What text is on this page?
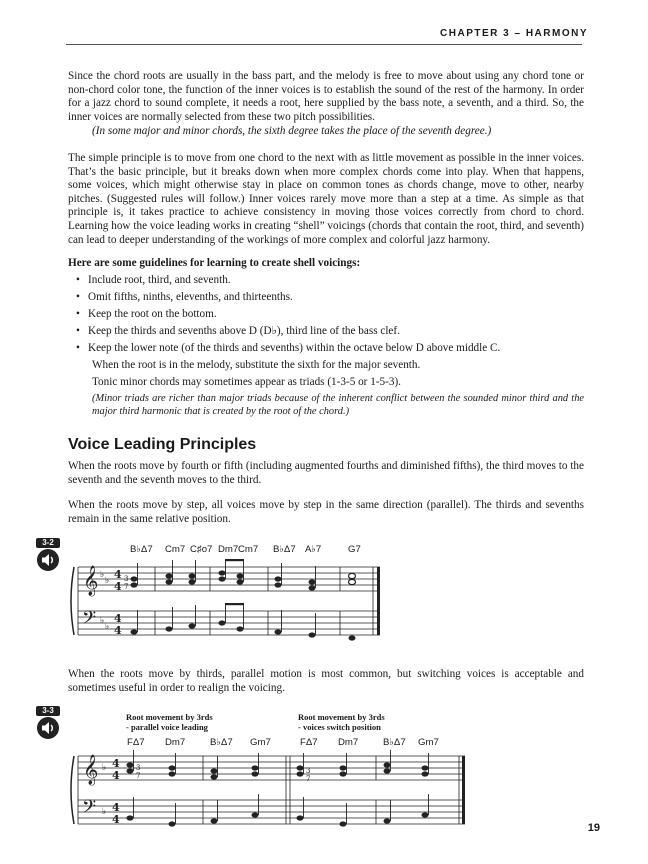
CHAPTER 3 – HARMONY
Since the chord roots are usually in the bass part, and the melody is free to move about using any chord tone or non-chord color tone, the function of the inner voices is to establish the sound of the rest of the harmony. In order for a jazz chord to sound complete, it needs a root, here supplied by the bass note, a seventh, and a third. So, the inner voices are normally selected from these two pitch possibilities.
(In some major and minor chords, the sixth degree takes the place of the seventh degree.)
The simple principle is to move from one chord to the next with as little movement as possible in the inner voices. That’s the basic principle, but it breaks down when more complex chords come into play. When that happens, some voices, which might otherwise stay in place on common tones as chords change, move to other, nearby pitches. (Suggested rules will follow.) Inner voices rarely move more than a step at a time. As simple as that principle is, it takes practice to achieve consistency in moving those voices correctly from chord to chord. Learning how the voice leading works in creating “shell” voicings (chords that contain the root, third, and seventh) can lead to deeper understanding of the workings of more complex and colorful jazz harmony.
Here are some guidelines for learning to create shell voicings:
• Include root, third, and seventh.
• Omit fifths, ninths, elevenths, and thirteenths.
• Keep the root on the bottom.
• Keep the thirds and sevenths above D (D♭), third line of the bass clef.
• Keep the lower note (of the thirds and sevenths) within the octave below D above middle C.
When the root is in the melody, substitute the sixth for the major seventh.
Tonic minor chords may sometimes appear as triads (1-3-5 or 1-5-3).
(Minor triads are richer than major triads because of the inherent conflict between the sounded minor third and the major third harmonic that is created by the root of the chord.)
Voice Leading Principles
When the roots move by fourth or fifth (including augmented fourths and diminished fifths), the third moves to the seventh and the seventh moves to the third.
When the roots move by step, all voices move by step in the same direction (parallel). The thirds and sevenths remain in the same relative position.
3-2
B♭Δ7 Cm7 C♯o7 Dm7 Cm7 B♭Δ7 A♭7	G7
𝄞
𝄢
♭
♭
♭
♭
4
4
4
4
3
7
When the roots move by thirds, parallel motion is most common, but switching voices is acceptable and sometimes useful in order to realign the voicing.
3-3
Root movement by 3rds
- parallel voice leading
Root movement by 3rds
- voices switch position
FΔ7 Dm7	B♭Δ7 Gm7	FΔ7 Dm7	B♭Δ7 Gm7
𝄞
𝄢
♭
♭
4
4
4
4
3
7
3
7
19
